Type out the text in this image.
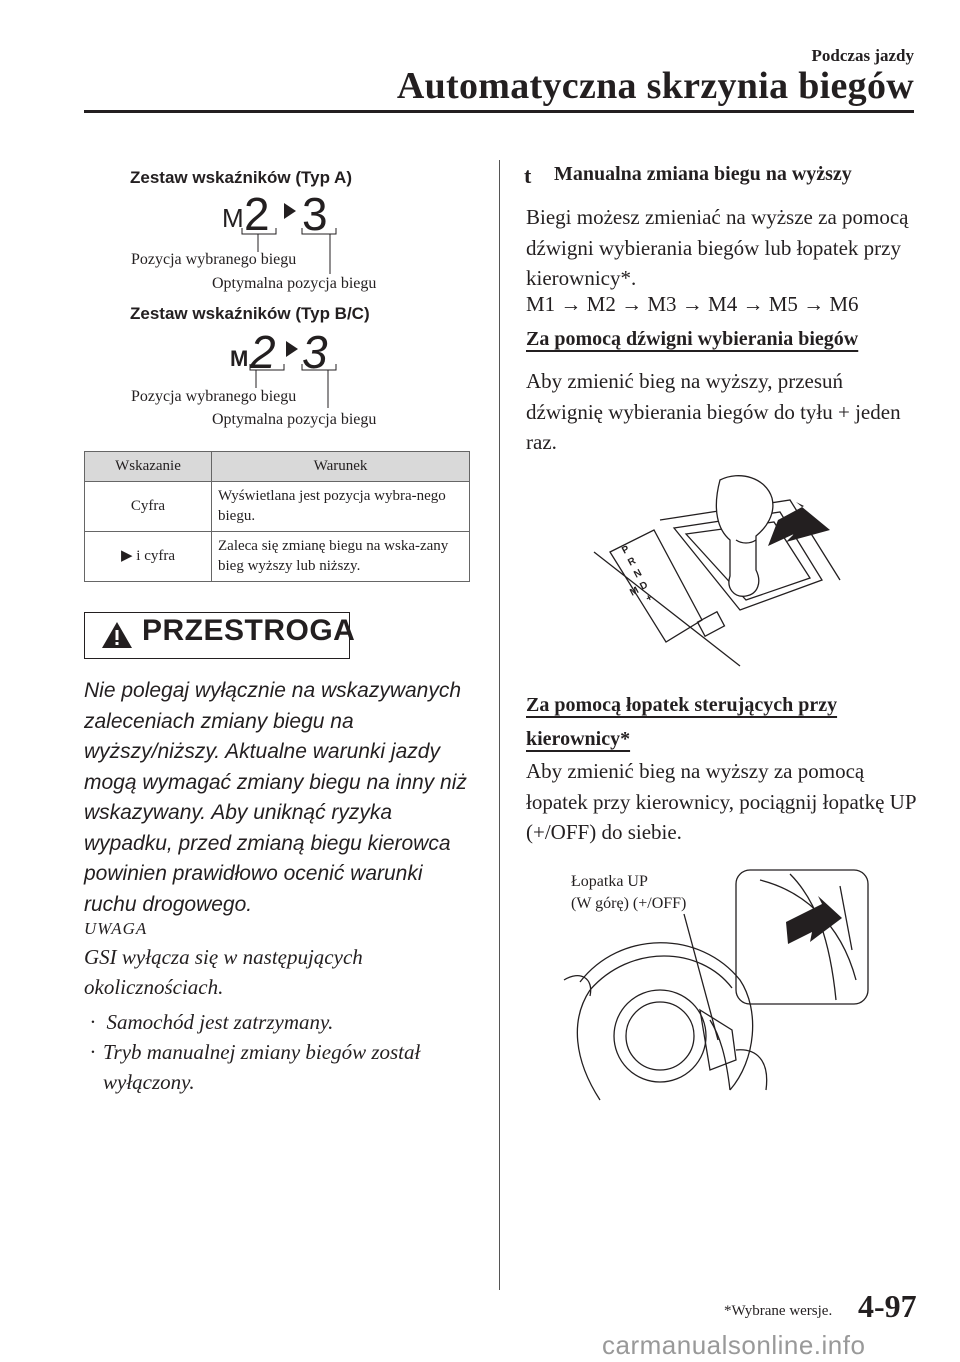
Podczas jazdy
Automatyczna skrzynia biegów
Zestaw wskaźników (Typ A)
M 2 3
Pozycja wybranego biegu
Optymalna pozycja biegu
Zestaw wskaźników (Typ B/C)
M 2 3
Pozycja wybranego biegu
Optymalna pozycja biegu
Wskazanie	Warunek
Cyfra	Wyświetlana jest pozycja wybra-nego biegu.
▶ i cyfra	Zaleca się zmianę biegu na wska-zany bieg wyższy lub niższy.
PRZESTROGA
Nie polegaj wyłącznie na wskazywanych zaleceniach zmiany biegu na wyższy/niższy. Aktualne warunki jazdy mogą wymagać zmiany biegu na inny niż wskazywany. Aby uniknąć ryzyka wypadku, przed zmianą biegu kierowca powinien prawidłowo ocenić warunki ruchu drogowego.
UWAGA
GSI wyłącza się w następujących okolicznościach.
· Samochód jest zatrzymany.
· Tryb manualnej zmiany biegów został wyłączony.
t Manualna zmiana biegu na wyższy
Biegi możesz zmieniać na wyższe za pomocą dźwigni wybierania biegów lub łopatek przy kierownicy*.
M1 → M2 → M3 → M4 → M5 → M6
Za pomocą dźwigni wybierania biegów
Aby zmienić bieg na wyższy, przesuń dźwignię wybierania biegów do tyłu + jeden raz.
P
R
N
D
M +
Za pomocą łopatek sterujących przy kierownicy*
Aby zmienić bieg na wyższy za pomocą łopatek przy kierownicy, pociągnij łopatkę UP (+/OFF) do siebie.
Łopatka UP
(W górę) (+/OFF)
*Wybrane wersje. 4-97
carmanualsonline.info
